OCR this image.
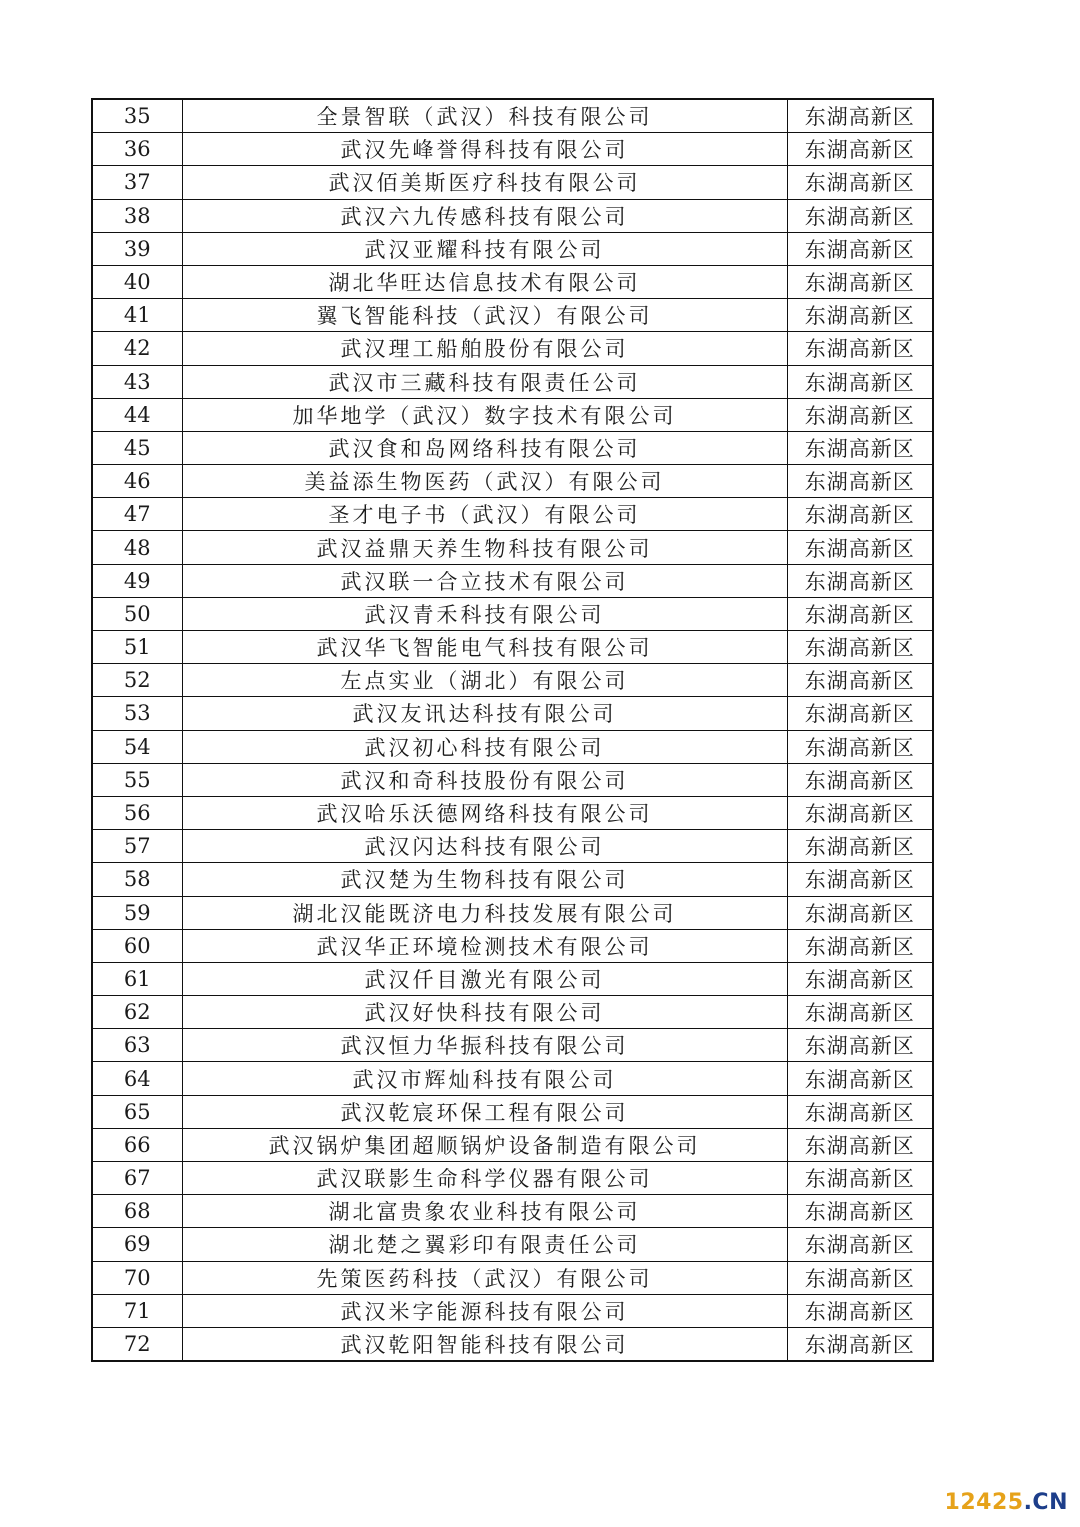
35	全景智联（武汉）科技有限公司	东湖高新区
36	武汉先峰誉得科技有限公司	东湖高新区
37	武汉佰美斯医疗科技有限公司	东湖高新区
38	武汉六九传感科技有限公司	东湖高新区
39	武汉亚耀科技有限公司	东湖高新区
40	湖北华旺达信息技术有限公司	东湖高新区
41	翼飞智能科技（武汉）有限公司	东湖高新区
42	武汉理工船舶股份有限公司	东湖高新区
43	武汉市三藏科技有限责任公司	东湖高新区
44	加华地学（武汉）数字技术有限公司	东湖高新区
45	武汉食和岛网络科技有限公司	东湖高新区
46	美益添生物医药（武汉）有限公司	东湖高新区
47	圣才电子书（武汉）有限公司	东湖高新区
48	武汉益鼎天养生物科技有限公司	东湖高新区
49	武汉联一合立技术有限公司	东湖高新区
50	武汉青禾科技有限公司	东湖高新区
51	武汉华飞智能电气科技有限公司	东湖高新区
52	左点实业（湖北）有限公司	东湖高新区
53	武汉友讯达科技有限公司	东湖高新区
54	武汉初心科技有限公司	东湖高新区
55	武汉和奇科技股份有限公司	东湖高新区
56	武汉哈乐沃德网络科技有限公司	东湖高新区
57	武汉闪达科技有限公司	东湖高新区
58	武汉楚为生物科技有限公司	东湖高新区
59	湖北汉能既济电力科技发展有限公司	东湖高新区
60	武汉华正环境检测技术有限公司	东湖高新区
61	武汉仟目激光有限公司	东湖高新区
62	武汉好快科技有限公司	东湖高新区
63	武汉恒力华振科技有限公司	东湖高新区
64	武汉市辉灿科技有限公司	东湖高新区
65	武汉乾宸环保工程有限公司	东湖高新区
66	武汉锅炉集团超顺锅炉设备制造有限公司	东湖高新区
67	武汉联影生命科学仪器有限公司	东湖高新区
68	湖北富贵象农业科技有限公司	东湖高新区
69	湖北楚之翼彩印有限责任公司	东湖高新区
70	先策医药科技（武汉）有限公司	东湖高新区
71	武汉米字能源科技有限公司	东湖高新区
72	武汉乾阳智能科技有限公司	东湖高新区
12425.CN
